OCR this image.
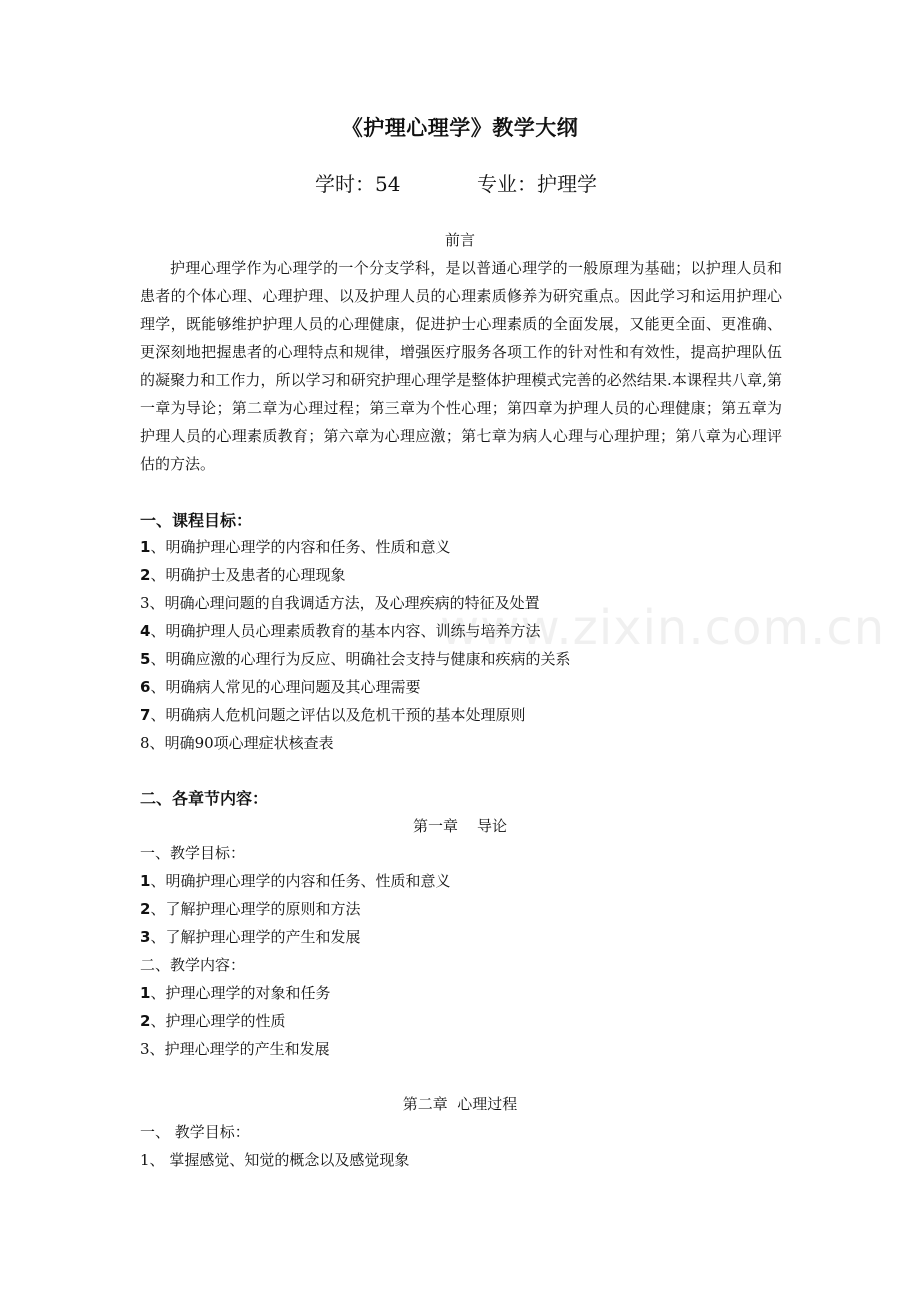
www.zixin.com.cn
《护理心理学》教学大纲
学时：54	专业：护理学
前言

护理心理学作为心理学的一个分支学科，是以普通心理学的一般原理为基础；以护理人员和患者的个体心理、心理护理、以及护理人员的心理素质修养为研究重点。因此学习和运用护理心理学，既能够维护护理人员的心理健康，促进护士心理素质的全面发展，又能更全面、更准确、更深刻地把握患者的心理特点和规律，增强医疗服务各项工作的针对性和有效性，提高护理队伍的凝聚力和工作力，所以学习和研究护理心理学是整体护理模式完善的必然结果.本课程共八章,第一章为导论；第二章为心理过程；第三章为个性心理；第四章为护理人员的心理健康；第五章为护理人员的心理素质教育；第六章为心理应激；第七章为病人心理与心理护理；第八章为心理评估的方法。

一、课程目标：
1、明确护理心理学的内容和任务、性质和意义
2、明确护士及患者的心理现象
3、明确心理问题的自我调适方法，及心理疾病的特征及处置
4、明确护理人员心理素质教育的基本内容、训练与培养方法
5、明确应激的心理行为反应、明确社会支持与健康和疾病的关系
6、明确病人常见的心理问题及其心理需要
7、明确病人危机问题之评估以及危机干预的基本处理原则
8、明确90项心理症状核查表
二、各章节内容：
第一章    导论
一、教学目标：
1、明确护理心理学的内容和任务、性质和意义
2、了解护理心理学的原则和方法
3、了解护理心理学的产生和发展
二、教学内容：
1、护理心理学的对象和任务
2、护理心理学的性质
3、护理心理学的产生和发展
第二章  心理过程
一、 教学目标：
1、 掌握感觉、知觉的概念以及感觉现象
